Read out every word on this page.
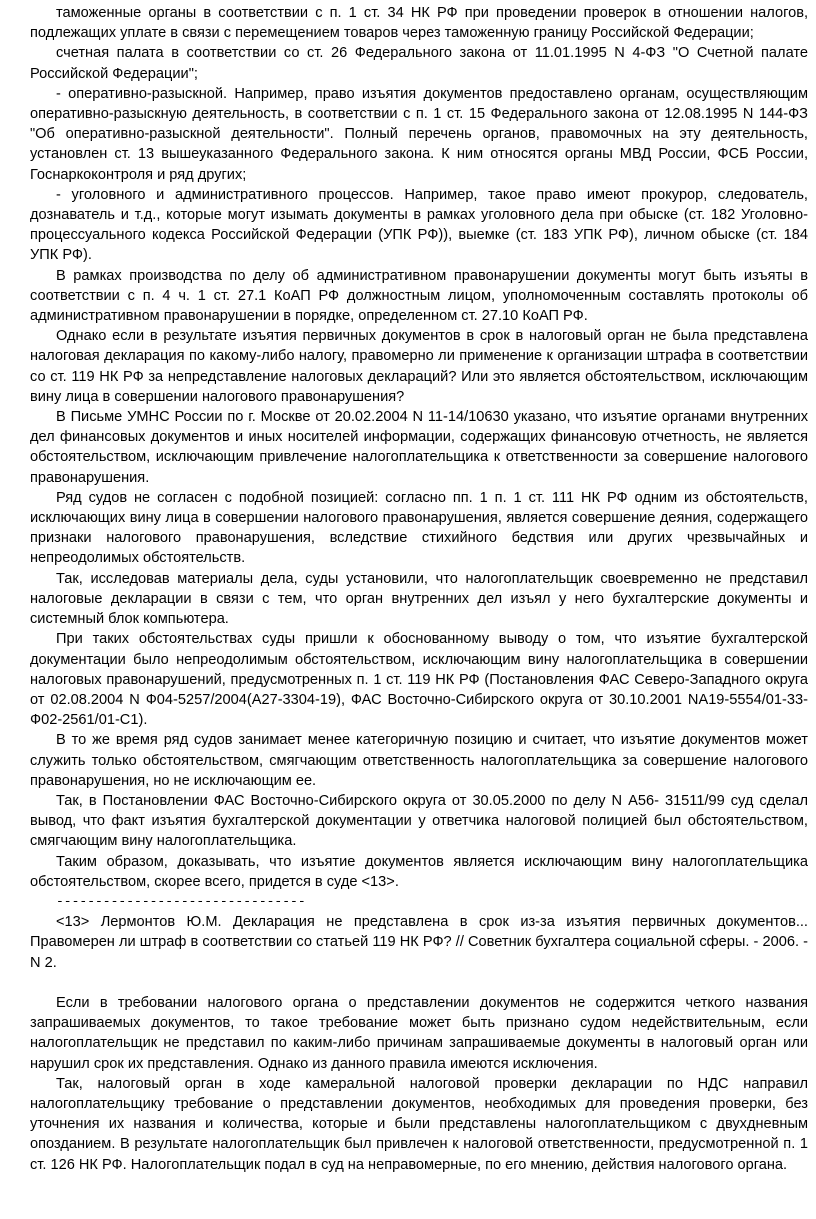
таможенные органы в соответствии с п. 1 ст. 34 НК РФ при проведении проверок в отношении налогов, подлежащих уплате в связи с перемещением товаров через таможенную границу Российской Федерации;

счетная палата в соответствии со ст. 26 Федерального закона от 11.01.1995 N 4-ФЗ "О Счетной палате Российской Федерации";

- оперативно-разыскной. Например, право изъятия документов предоставлено органам, осуществляющим оперативно-разыскную деятельность, в соответствии с п. 1 ст. 15 Федерального закона от 12.08.1995 N 144-ФЗ "Об оперативно-разыскной деятельности". Полный перечень органов, правомочных на эту деятельность, установлен ст. 13 вышеуказанного Федерального закона. К ним относятся органы МВД России, ФСБ России, Госнаркоконтроля и ряд других;

- уголовного и административного процессов. Например, такое право имеют прокурор, следователь, дознаватель и т.д., которые могут изымать документы в рамках уголовного дела при обыске (ст. 182 Уголовно-процессуального кодекса Российской Федерации (УПК РФ)), выемке (ст. 183 УПК РФ), личном обыске (ст. 184 УПК РФ).

В рамках производства по делу об административном правонарушении документы могут быть изъяты в соответствии с п. 4 ч. 1 ст. 27.1 КоАП РФ должностным лицом, уполномоченным составлять протоколы об административном правонарушении в порядке, определенном ст. 27.10 КоАП РФ.

Однако если в результате изъятия первичных документов в срок в налоговый орган не была представлена налоговая декларация по какому-либо налогу, правомерно ли применение к организации штрафа в соответствии со ст. 119 НК РФ за непредставление налоговых деклараций? Или это является обстоятельством, исключающим вину лица в совершении налогового правонарушения?

В Письме УМНС России по г. Москве от 20.02.2004 N 11-14/10630 указано, что изъятие органами внутренних дел финансовых документов и иных носителей информации, содержащих финансовую отчетность, не является обстоятельством, исключающим привлечение налогоплательщика к ответственности за совершение налогового правонарушения.

Ряд судов не согласен с подобной позицией: согласно пп. 1 п. 1 ст. 111 НК РФ одним из обстоятельств, исключающих вину лица в совершении налогового правонарушения, является совершение деяния, содержащего признаки налогового правонарушения, вследствие стихийного бедствия или других чрезвычайных и непреодолимых обстоятельств.

Так, исследовав материалы дела, суды установили, что налогоплательщик своевременно не представил налоговые декларации в связи с тем, что орган внутренних дел изъял у него бухгалтерские документы и системный блок компьютера.

При таких обстоятельствах суды пришли к обоснованному выводу о том, что изъятие бухгалтерской документации было непреодолимым обстоятельством, исключающим вину налогоплательщика в совершении налоговых правонарушений, предусмотренных п. 1 ст. 119 НК РФ (Постановления ФАС Северо-Западного округа от 02.08.2004 N Ф04-5257/2004(А27-3304-19), ФАС Восточно-Сибирского округа от 30.10.2001 NА19-5554/01-33-Ф02-2561/01-С1).

В то же время ряд судов занимает менее категоричную позицию и считает, что изъятие документов может служить только обстоятельством, смягчающим ответственность налогоплательщика за совершение налогового правонарушения, но не исключающим ее.

Так, в Постановлении ФАС Восточно-Сибирского округа от 30.05.2000 по делу N А56- 31511/99 суд сделал вывод, что факт изъятия бухгалтерской документации у ответчика налоговой полицией был обстоятельством, смягчающим вину налогоплательщика.

Таким образом, доказывать, что изъятие документов является исключающим вину налогоплательщика обстоятельством, скорее всего, придется в суде <13>.

--------------------------------

<13> Лермонтов Ю.М. Декларация не представлена в срок из-за изъятия первичных документов... Правомерен ли штраф в соответствии со статьей 119 НК РФ? // Советник бухгалтера социальной сферы. - 2006. - N 2.

Если в требовании налогового органа о представлении документов не содержится четкого названия запрашиваемых документов, то такое требование может быть признано судом недействительным, если налогоплательщик не представил по каким-либо причинам запрашиваемые документы в налоговый орган или нарушил срок их представления. Однако из данного правила имеются исключения.

Так, налоговый орган в ходе камеральной налоговой проверки декларации по НДС направил налогоплательщику требование о представлении документов, необходимых для проведения проверки, без уточнения их названия и количества, которые и были представлены налогоплательщиком с двухдневным опозданием. В результате налогоплательщик был привлечен к налоговой ответственности, предусмотренной п. 1 ст. 126 НК РФ. Налогоплательщик подал в суд на неправомерные, по его мнению, действия налогового органа.
